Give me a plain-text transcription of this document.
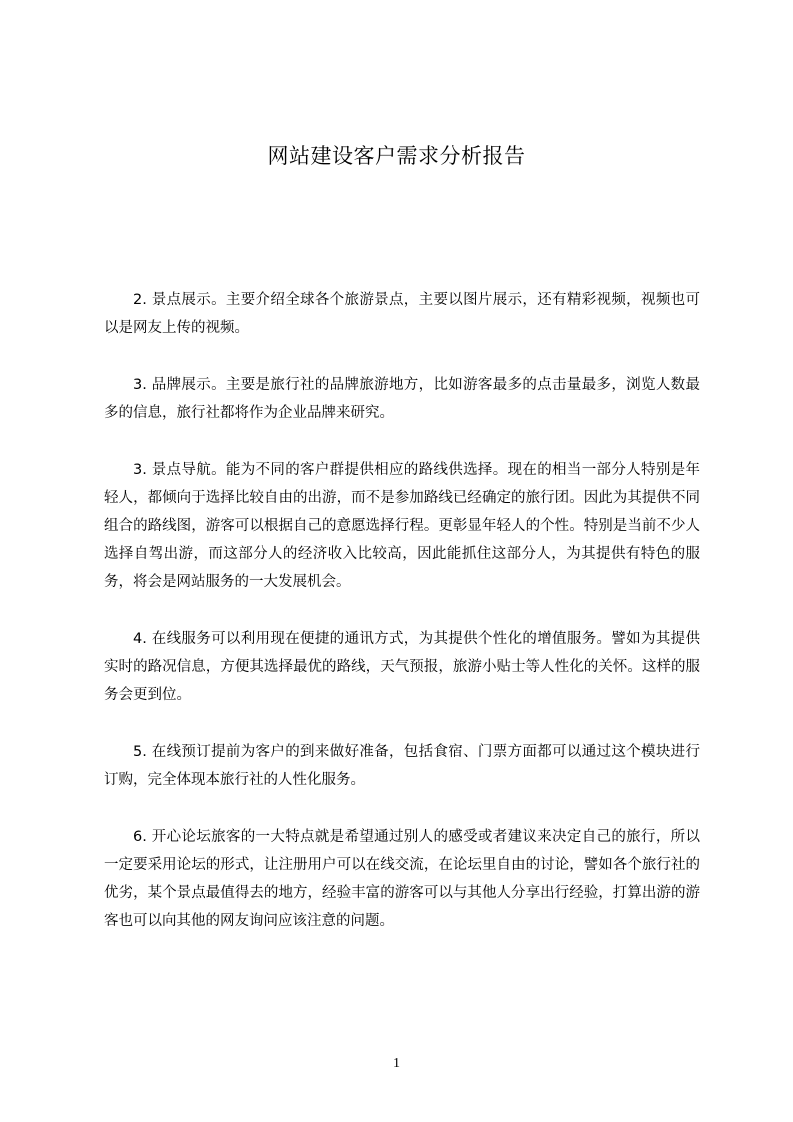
网站建设客户需求分析报告

2. 景点展示。主要介绍全球各个旅游景点，主要以图片展示，还有精彩视频，视频也可以是网友上传的视频。

3. 品牌展示。主要是旅行社的品牌旅游地方，比如游客最多的点击量最多，浏览人数最多的信息，旅行社都将作为企业品牌来研究。

3. 景点导航。能为不同的客户群提供相应的路线供选择。现在的相当一部分人特别是年轻人，都倾向于选择比较自由的出游，而不是参加路线已经确定的旅行团。因此为其提供不同组合的路线图，游客可以根据自己的意愿选择行程。更彰显年轻人的个性。特别是当前不少人选择自驾出游，而这部分人的经济收入比较高，因此能抓住这部分人，为其提供有特色的服务，将会是网站服务的一大发展机会。

4. 在线服务可以利用现在便捷的通讯方式，为其提供个性化的增值服务。譬如为其提供实时的路况信息，方便其选择最优的路线，天气预报，旅游小贴士等人性化的关怀。这样的服务会更到位。

5. 在线预订提前为客户的到来做好准备，包括食宿、门票方面都可以通过这个模块进行订购，完全体现本旅行社的人性化服务。

6. 开心论坛旅客的一大特点就是希望通过别人的感受或者建议来决定自己的旅行，所以一定要采用论坛的形式，让注册用户可以在线交流，在论坛里自由的讨论，譬如各个旅行社的优劣，某个景点最值得去的地方，经验丰富的游客可以与其他人分享出行经验，打算出游的游客也可以向其他的网友询问应该注意的问题。

1
